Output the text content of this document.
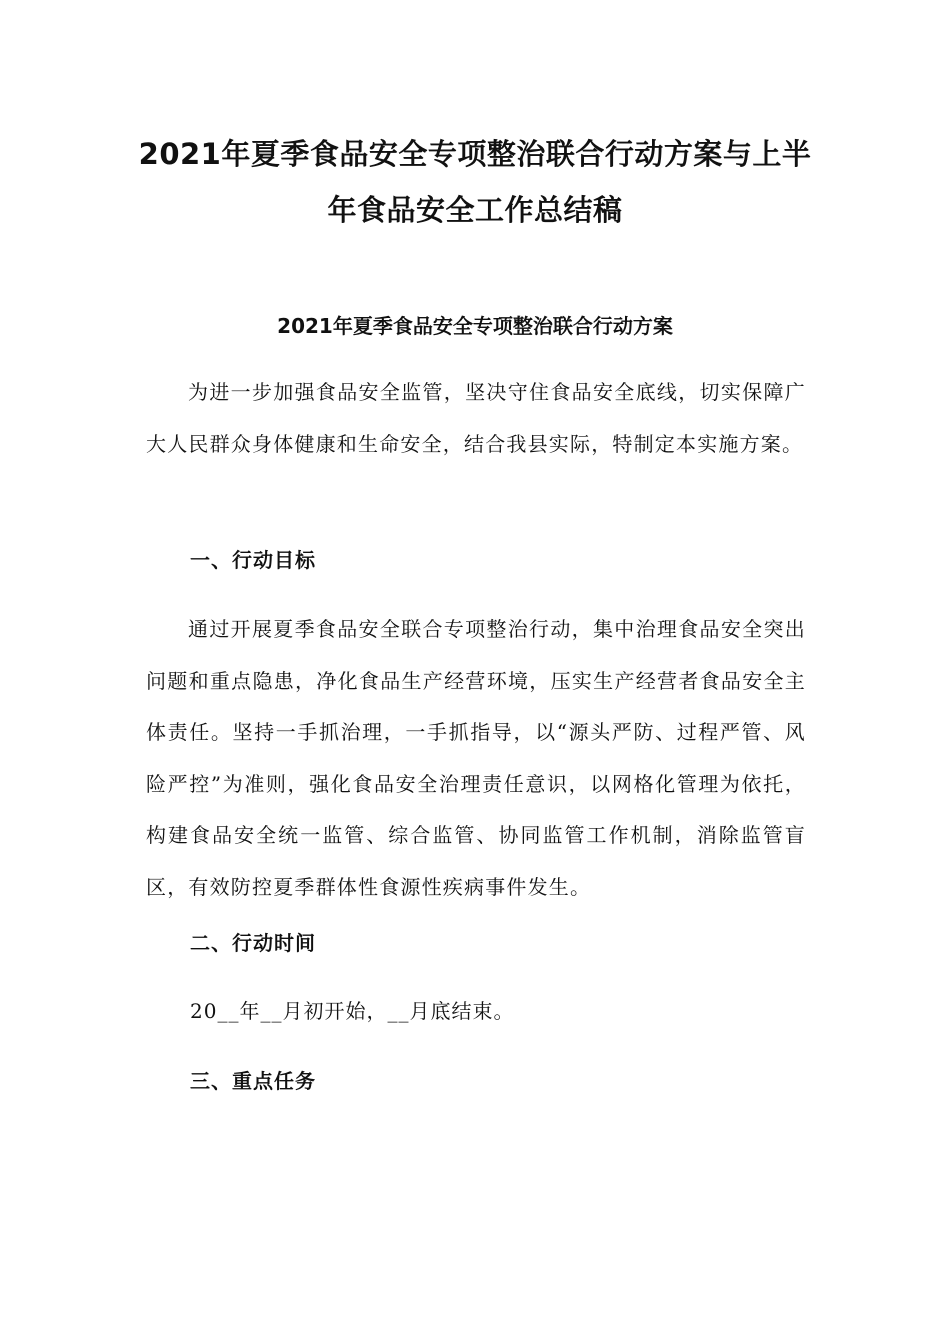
2021年夏季食品安全专项整治联合行动方案与上半
年食品安全工作总结稿
2021年夏季食品安全专项整治联合行动方案

为进一步加强食品安全监管，坚决守住食品安全底线，切实保障广大人民群众身体健康和生命安全，结合我县实际，特制定本实施方案。

一、行动目标

通过开展夏季食品安全联合专项整治行动，集中治理食品安全突出问题和重点隐患，净化食品生产经营环境，压实生产经营者食品安全主体责任。坚持一手抓治理，一手抓指导，以“源头严防、过程严管、风险严控”为准则，强化食品安全治理责任意识，以网格化管理为依托，构建食品安全统一监管、综合监管、协同监管工作机制，消除监管盲区，有效防控夏季群体性食源性疾病事件发生。

二、行动时间

20__年__月初开始，__月底结束。

三、重点任务
